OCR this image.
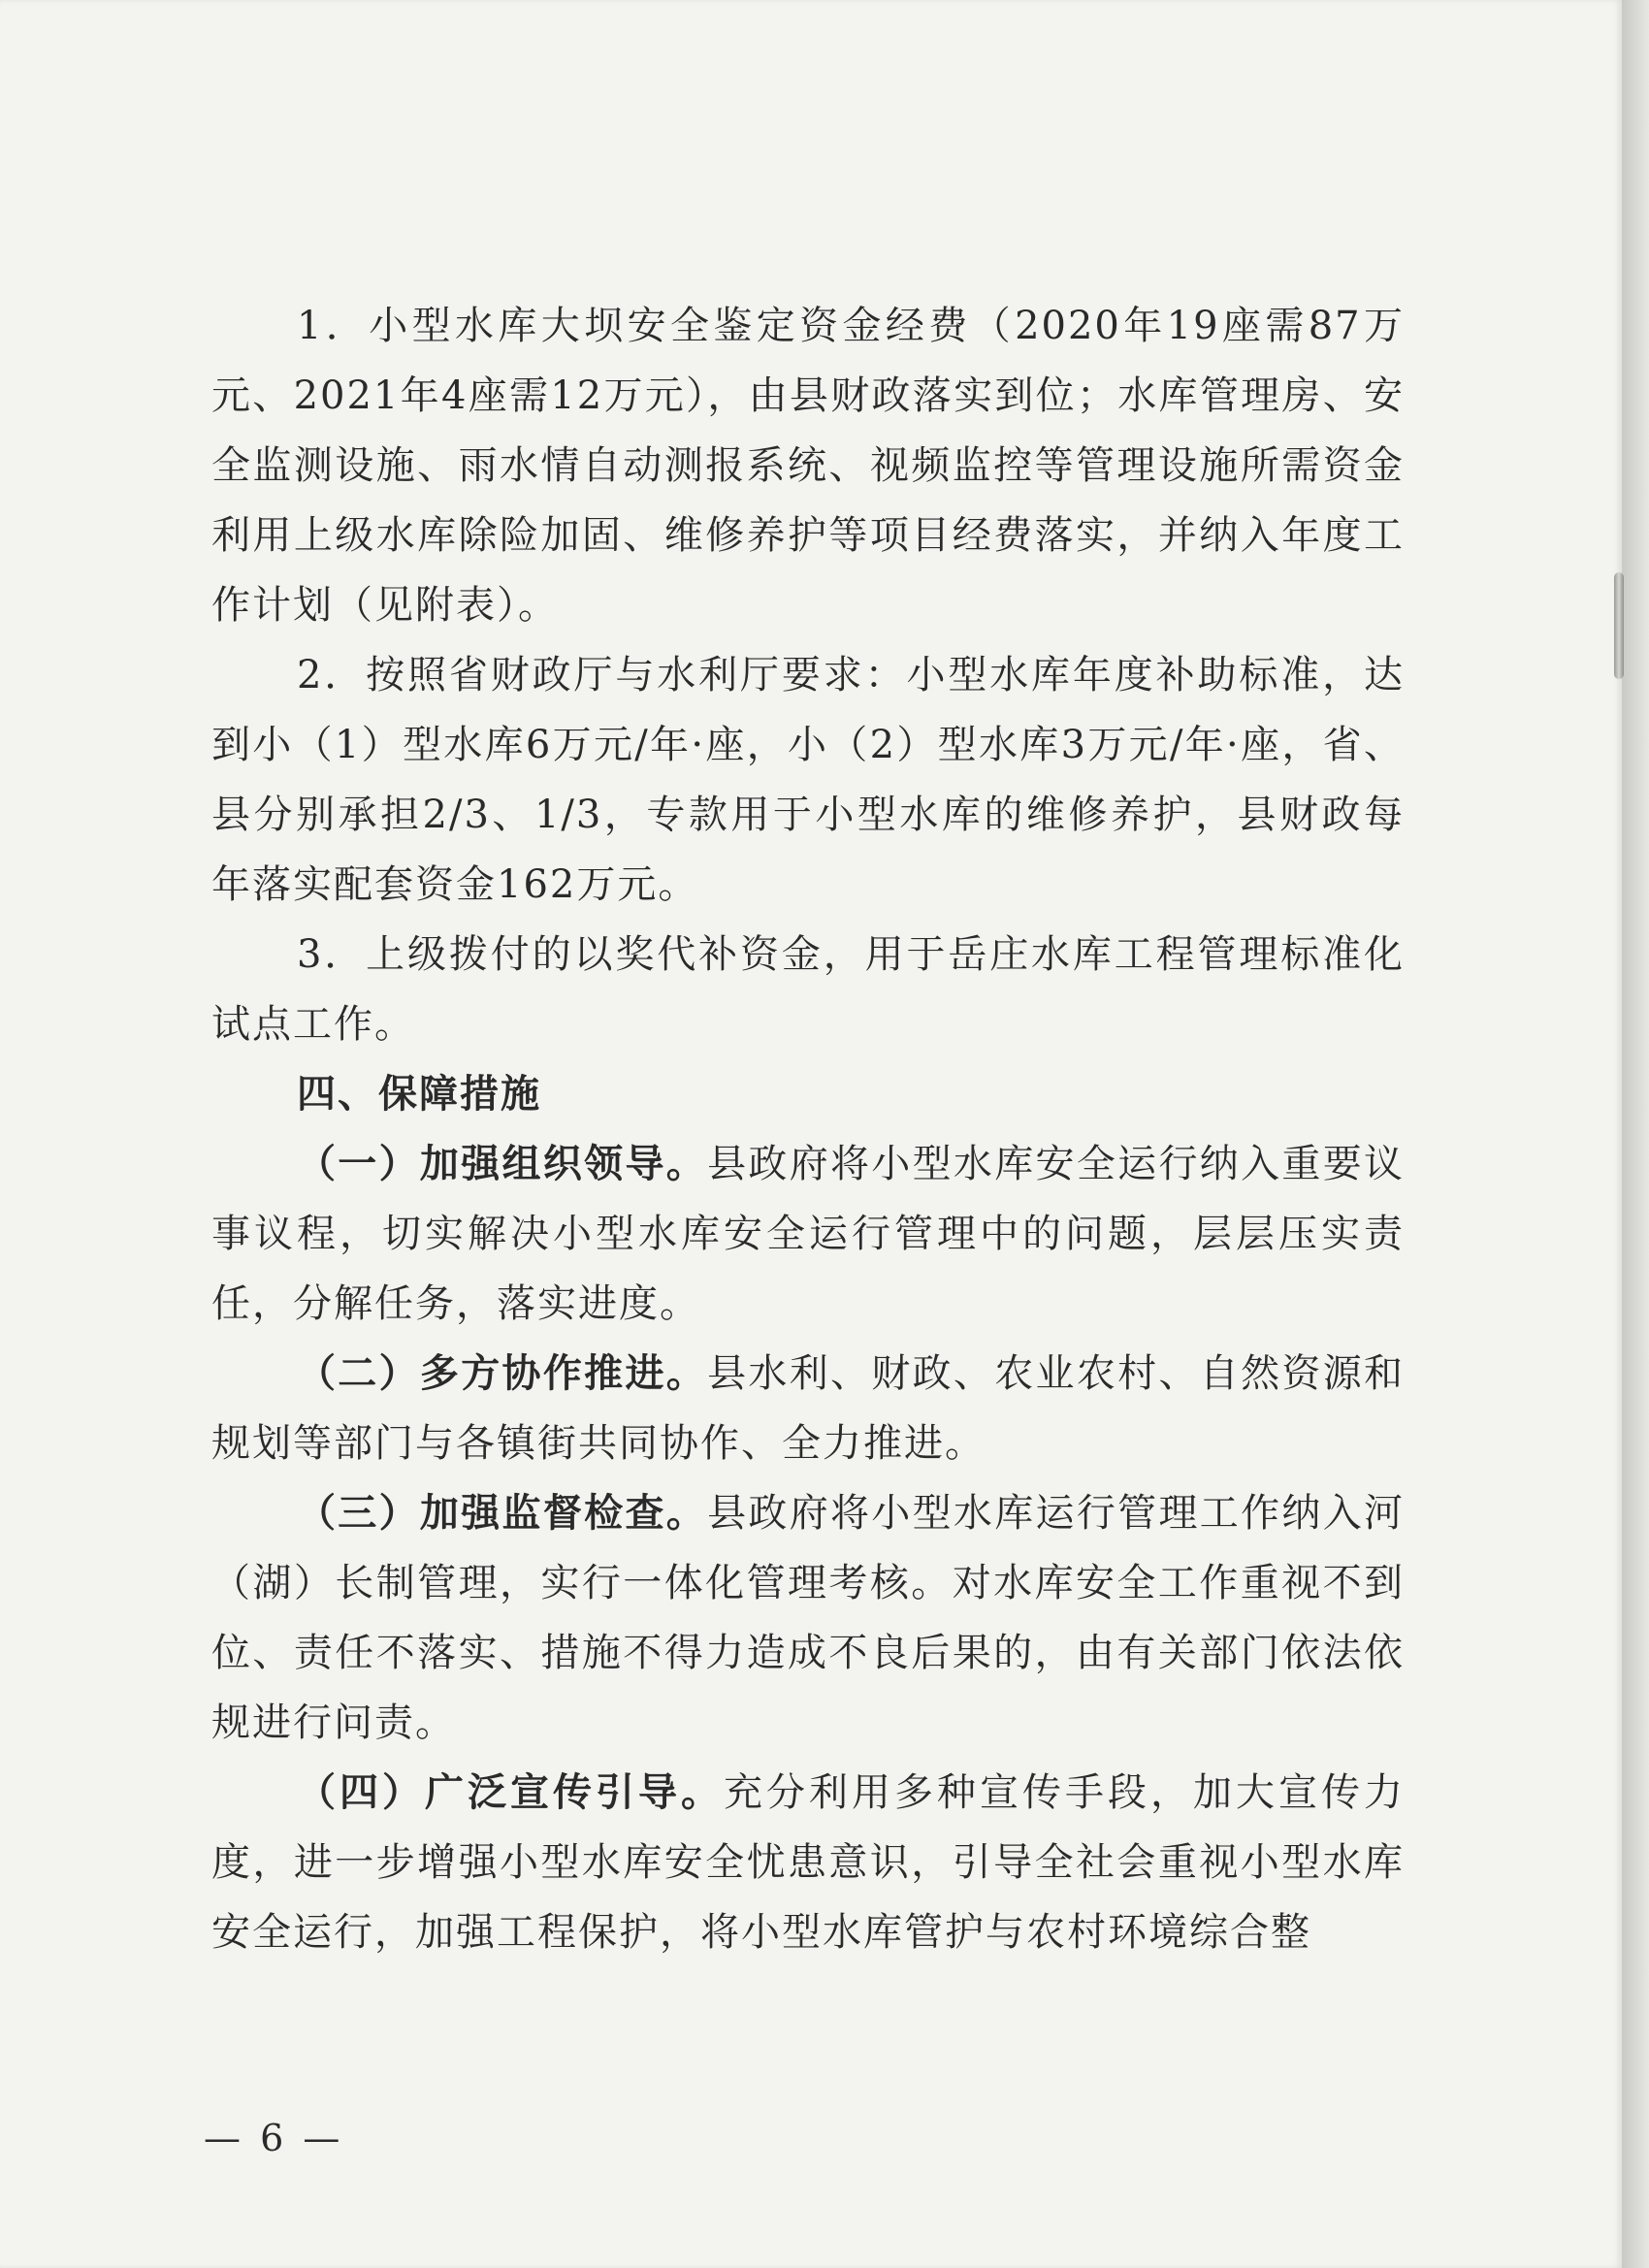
1．小型水库大坝安全鉴定资金经费（2020年19座需87万元、2021年4座需12万元），由县财政落实到位；水库管理房、安全监测设施、雨水情自动测报系统、视频监控等管理设施所需资金利用上级水库除险加固、维修养护等项目经费落实，并纳入年度工作计划（见附表）。

2．按照省财政厅与水利厅要求：小型水库年度补助标准，达到小（1）型水库6万元/年·座，小（2）型水库3万元/年·座，省、县分别承担2/3、1/3，专款用于小型水库的维修养护，县财政每年落实配套资金162万元。

3．上级拨付的以奖代补资金，用于岳庄水库工程管理标准化试点工作。

四、保障措施

（一）加强组织领导。县政府将小型水库安全运行纳入重要议事议程，切实解决小型水库安全运行管理中的问题，层层压实责任，分解任务，落实进度。

（二）多方协作推进。县水利、财政、农业农村、自然资源和规划等部门与各镇街共同协作、全力推进。

（三）加强监督检查。县政府将小型水库运行管理工作纳入河（湖）长制管理，实行一体化管理考核。对水库安全工作重视不到位、责任不落实、措施不得力造成不良后果的，由有关部门依法依规进行问责。

（四）广泛宣传引导。充分利用多种宣传手段，加大宣传力度，进一步增强小型水库安全忧患意识，引导全社会重视小型水库安全运行，加强工程保护，将小型水库管护与农村环境综合整

— 6 —
